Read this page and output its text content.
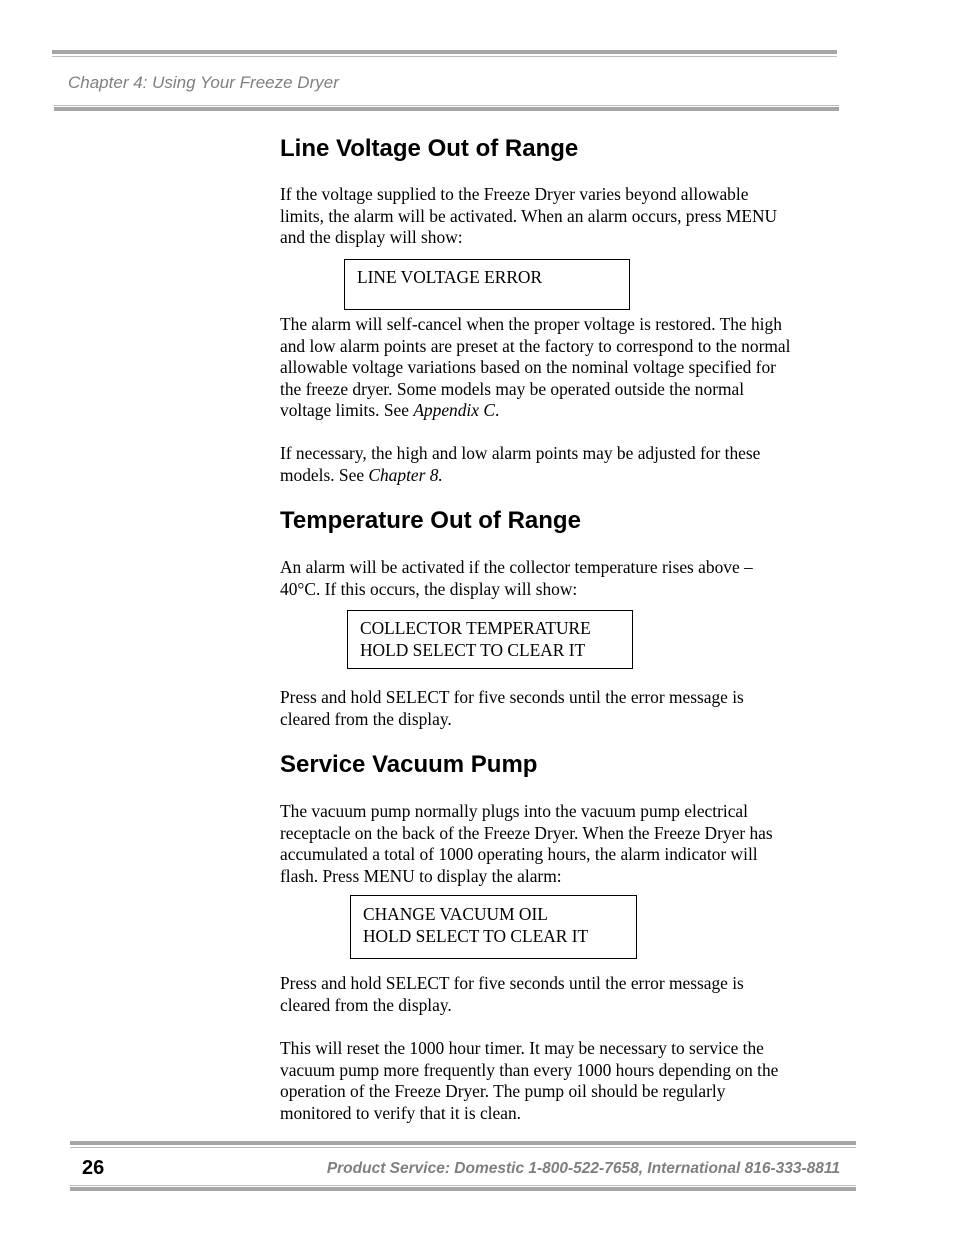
Chapter 4: Using Your Freeze Dryer
Line Voltage Out of Range

If the voltage supplied to the Freeze Dryer varies beyond allowable limits, the alarm will be activated. When an alarm occurs, press MENU and the display will show:

LINE VOLTAGE ERROR

The alarm will self-cancel when the proper voltage is restored. The high and low alarm points are preset at the factory to correspond to the normal allowable voltage variations based on the nominal voltage specified for the freeze dryer. Some models may be operated outside the normal voltage limits. See Appendix C.

If necessary, the high and low alarm points may be adjusted for these models. See Chapter 8.

Temperature Out of Range

An alarm will be activated if the collector temperature rises above –40°C. If this occurs, the display will show:

COLLECTOR TEMPERATURE
HOLD SELECT TO CLEAR IT

Press and hold SELECT for five seconds until the error message is cleared from the display.

Service Vacuum Pump

The vacuum pump normally plugs into the vacuum pump electrical receptacle on the back of the Freeze Dryer. When the Freeze Dryer has accumulated a total of 1000 operating hours, the alarm indicator will flash. Press MENU to display the alarm:

CHANGE VACUUM OIL
HOLD SELECT TO CLEAR IT

Press and hold SELECT for five seconds until the error message is cleared from the display.

This will reset the 1000 hour timer. It may be necessary to service the vacuum pump more frequently than every 1000 hours depending on the operation of the Freeze Dryer. The pump oil should be regularly monitored to verify that it is clean.

26	Product Service: Domestic 1-800-522-7658, International 816-333-8811
